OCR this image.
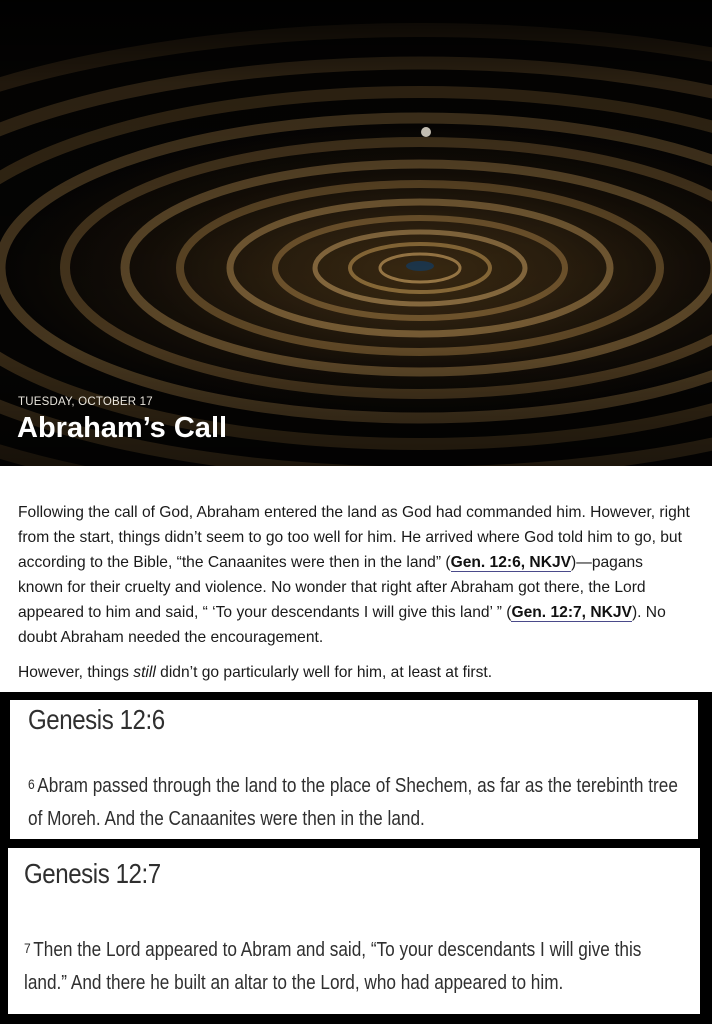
TUESDAY, OCTOBER 17
Abraham’s Call

Following the call of God, Abraham entered the land as God had commanded him. However, right from the start, things didn’t seem to go too well for him. He arrived where God told him to go, but according to the Bible, “the Canaanites were then in the land” (Gen. 12:6, NKJV)—pagans known for their cruelty and violence. No wonder that right after Abraham got there, the Lord appeared to him and said, “ ‘To your descendants I will give this land’ ” (Gen. 12:7, NKJV). No doubt Abraham needed the encouragement.

However, things still didn’t go particularly well for him, at least at first.

Genesis 12:6
$^6$ Abram passed through the land to the place of Shechem, as far as the terebinth tree of Moreh. And the Canaanites were then in the land.
Genesis 12:7
$^7$ Then the Lord appeared to Abram and said, “To your descendants I will give this land.” And there he built an altar to the Lord, who had appeared to him.
